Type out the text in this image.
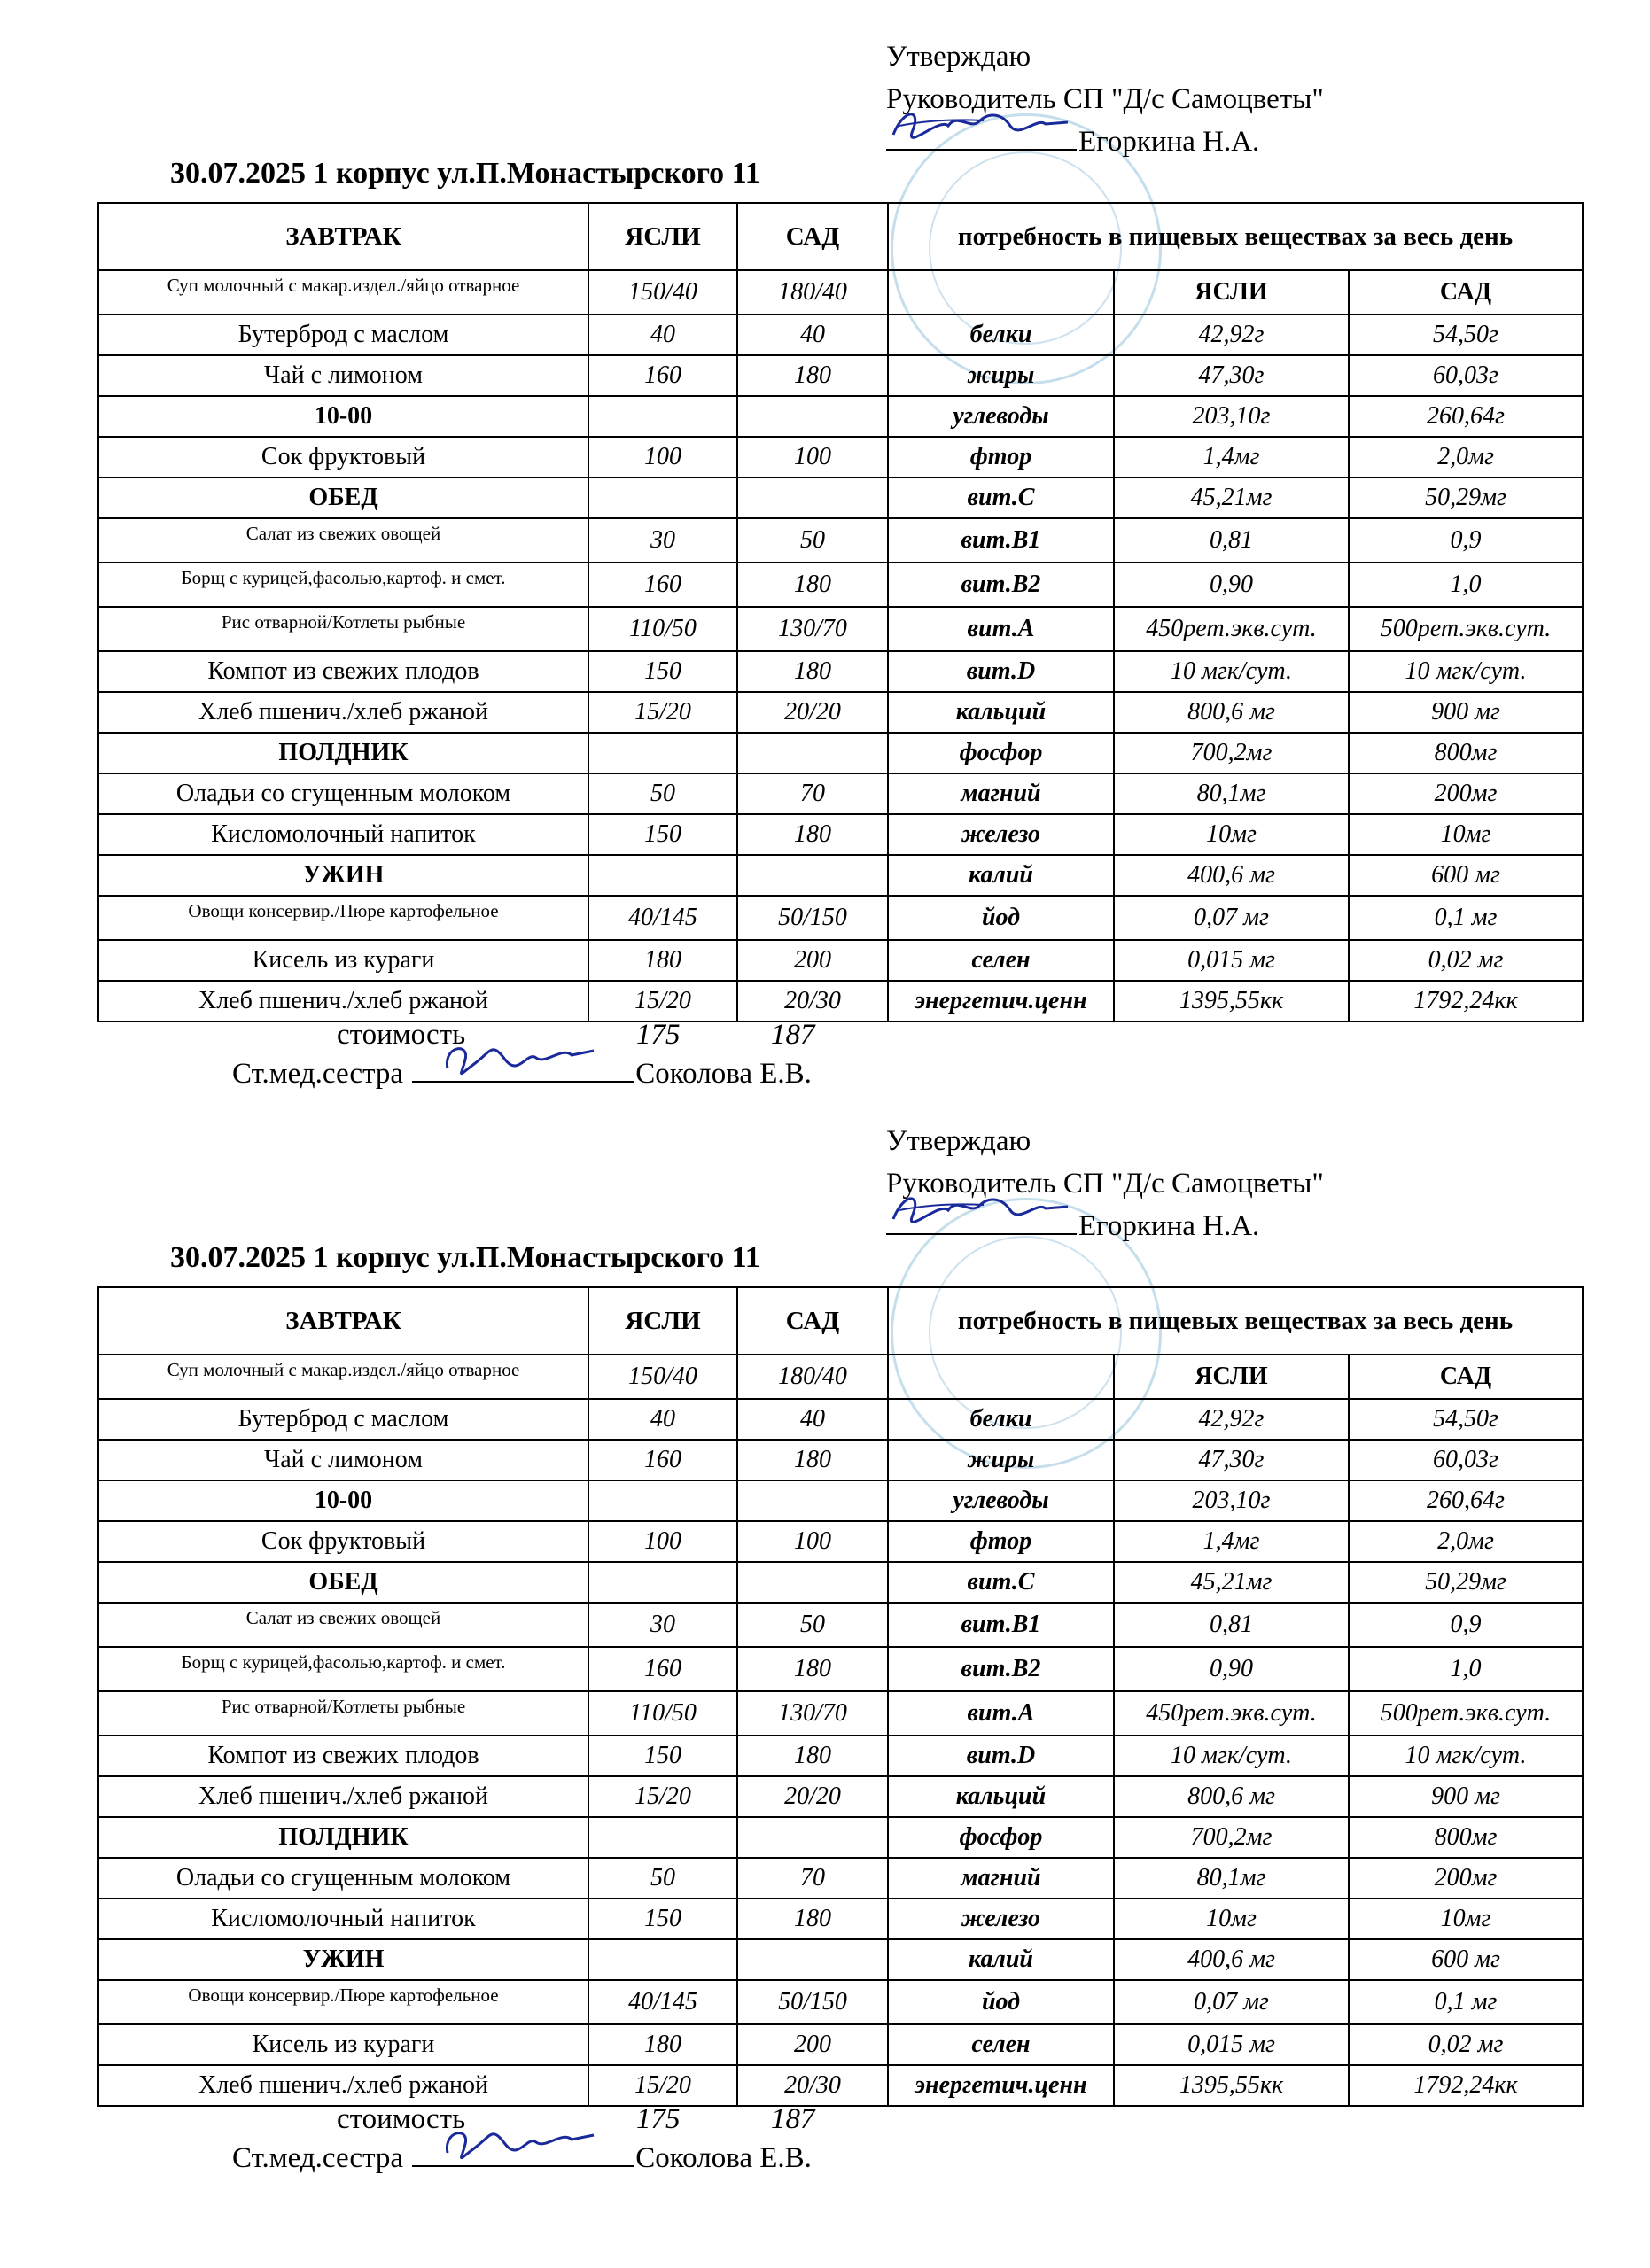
Утверждаю
Руководитель СП "Д/с Самоцветы"
Егоркина Н.А.
30.07.2025 1 корпус ул.П.Монастырского 11
ЗАВТРАК	ЯСЛИ	САД	потребность в пищевых веществах за весь день		
Суп молочный с макар.издел./яйцо отварное	150/40	180/40		ЯСЛИ	САД
Бутерброд с маслом	40	40	белки	42,92г	54,50г
Чай с лимоном	160	180	жиры	47,30г	60,03г
10-00			углеводы	203,10г	260,64г
Сок фруктовый	100	100	фтор	1,4мг	2,0мг
ОБЕД			вит.С	45,21мг	50,29мг
Салат из свежих овощей	30	50	вит.В1	0,81	0,9
Борщ с курицей,фасолью,картоф. и смет.	160	180	вит.В2	0,90	1,0
Рис отварной/Котлеты рыбные	110/50	130/70	вит.А	450рет.экв.сут.	500рет.экв.сут.
Компот из свежих плодов	150	180	вит.D	10 мгк/сут.	10 мгк/сут.
Хлеб пшенич./хлеб ржаной	15/20	20/20	кальций	800,6 мг	900 мг
ПОЛДНИК			фосфор	700,2мг	800мг
Оладьи со сгущенным молоком	50	70	магний	80,1мг	200мг
Кисломолочный напиток	150	180	железо	10мг	10мг
УЖИН			калий	400,6 мг	600 мг
Овощи консервир./Пюре картофельное	40/145	50/150	йод	0,07 мг	0,1 мг
Кисель из кураги	180	200	селен	0,015 мг	0,02 мг
Хлеб пшенич./хлеб ржаной	15/20	20/30	энергетич.ценн	1395,55кк	1792,24кк
стоимость	175	187
Ст.мед.сестра	Соколова Е.В.
Утверждаю
Руководитель СП "Д/с Самоцветы"
Егоркина Н.А.
30.07.2025 1 корпус ул.П.Монастырского 11
ЗАВТРАК	ЯСЛИ	САД	потребность в пищевых веществах за весь день		
Суп молочный с макар.издел./яйцо отварное	150/40	180/40		ЯСЛИ	САД
Бутерброд с маслом	40	40	белки	42,92г	54,50г
Чай с лимоном	160	180	жиры	47,30г	60,03г
10-00			углеводы	203,10г	260,64г
Сок фруктовый	100	100	фтор	1,4мг	2,0мг
ОБЕД			вит.С	45,21мг	50,29мг
Салат из свежих овощей	30	50	вит.В1	0,81	0,9
Борщ с курицей,фасолью,картоф. и смет.	160	180	вит.В2	0,90	1,0
Рис отварной/Котлеты рыбные	110/50	130/70	вит.А	450рет.экв.сут.	500рет.экв.сут.
Компот из свежих плодов	150	180	вит.D	10 мгк/сут.	10 мгк/сут.
Хлеб пшенич./хлеб ржаной	15/20	20/20	кальций	800,6 мг	900 мг
ПОЛДНИК			фосфор	700,2мг	800мг
Оладьи со сгущенным молоком	50	70	магний	80,1мг	200мг
Кисломолочный напиток	150	180	железо	10мг	10мг
УЖИН			калий	400,6 мг	600 мг
Овощи консервир./Пюре картофельное	40/145	50/150	йод	0,07 мг	0,1 мг
Кисель из кураги	180	200	селен	0,015 мг	0,02 мг
Хлеб пшенич./хлеб ржаной	15/20	20/30	энергетич.ценн	1395,55кк	1792,24кк
стоимость	175	187
Ст.мед.сестра	Соколова Е.В.
